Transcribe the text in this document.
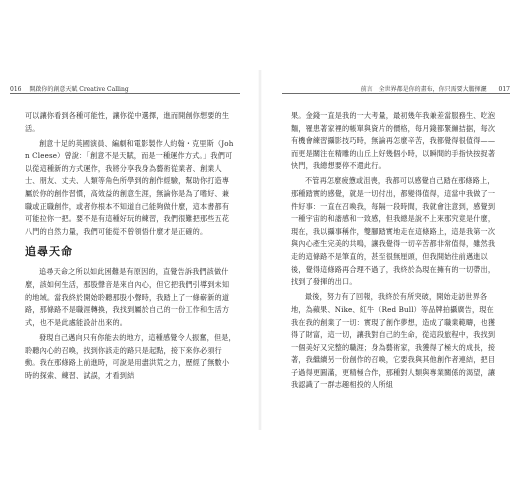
016 開啟你的創意天賦 Creative Calling	前言　全世界都是你的畫布，你只需要大膽揮灑 017

可以讓你看到各種可能性，讓你從中選擇，進而開創你想要的生活。

創意十足的英國演員、編劇和電影製作人約翰・克里斯（John Cleese）曾說：「創意不是天賦，而是一種運作方式。」我們可以從這種新的方式運作，我將分享我身為藝術從業者、創業人士、朋友、丈夫、人類等角色所學到的創作經驗，幫助你打造專屬於你的創作習慣，高效益的創意生涯，無論你是為了嗜好、兼職或正職創作，或者你根本不知道自己能夠做什麼，這本書都有可能拉你一把。要不是有這種好玩的練習，我們很難把那些五花八門的自然力量，我們可能從不曾領悟什麼才是正確的。

追尋天命

追尋天命之所以如此困難是有原因的，直覺告訴我們該做什麼，該如何生活，那股聲音是來自內心，但它把我們引導到未知的地域。當我終於開始聆聽那股小聲時，我踏上了一條嶄新的道路，那條路不是職涯轉換，我找到屬於自己的一份工作和生活方式，也不是此處能設計出來的。

發現自己邁向只有你能去的地方，這種感覺令人振奮，但是，聆聽內心的召喚，找到你該走的路只是起點，接下來你必須行動。我在那條路上前進時，可說是用盡洪荒之力，歷經了無數小時的探索、練習、試誤，才看到結

果。金錢一直是我的一大考量，最初幾年我兼差當服務生、吃泡麵，罹患著家裡的帳單與資片的價格，每月錢都緊繃拮据，每次有機會練習攝影技巧時，無論再怎麼辛苦，我都覺得很值得——而更是關注在精雕的山丘上好幾個小時，以瞬間的手指快按捉著快門，我總想要停不還此行。

不管再怎麼疲憊或沮喪，我都可以感覺自己踏在那條路上，那種踏實的感覺，就是一切付出，都變得值得，這當中我做了一件好事：一直在召喚我，每隔一段時間，我就會注意到，感覺到一種宇宙的和諧感和一致感，但我總是說不上來那究竟是什麼，現在，我以攝事稱作，雙腳踏實地走在這條路上，這是我第一次與內心產生完美的共鳴，讓我覺得一切辛苦都非常值得，雖然我走的這條路不是筆直的，甚至很無厘頭，但我開始往前邁進以後，覺得這條路再合理不過了，我終於為現在擁有的一切帶出，找到了發揮的出口。

最後，努力有了回報，我終於有所突破，開始走訪世界各地，為蘋果、Nike、紅牛（Red Bull）等品牌拍攝廣告，現在我在我的創業了一切：實現了創作夢想，造成了職業範疇，也獲得了財富，這一切，讓我對自己的生命，從這段旅程中，我找到一個美好又完整的職涯；身為藝術家，我獲得了極大的成長，接著，我繼續另一份創作的召喚，它要我與其他創作者連結，把目子過得更圓滿，更精極合作，那種對人類與專業關係的渴望，讓我認識了一群志趣相投的人所組
